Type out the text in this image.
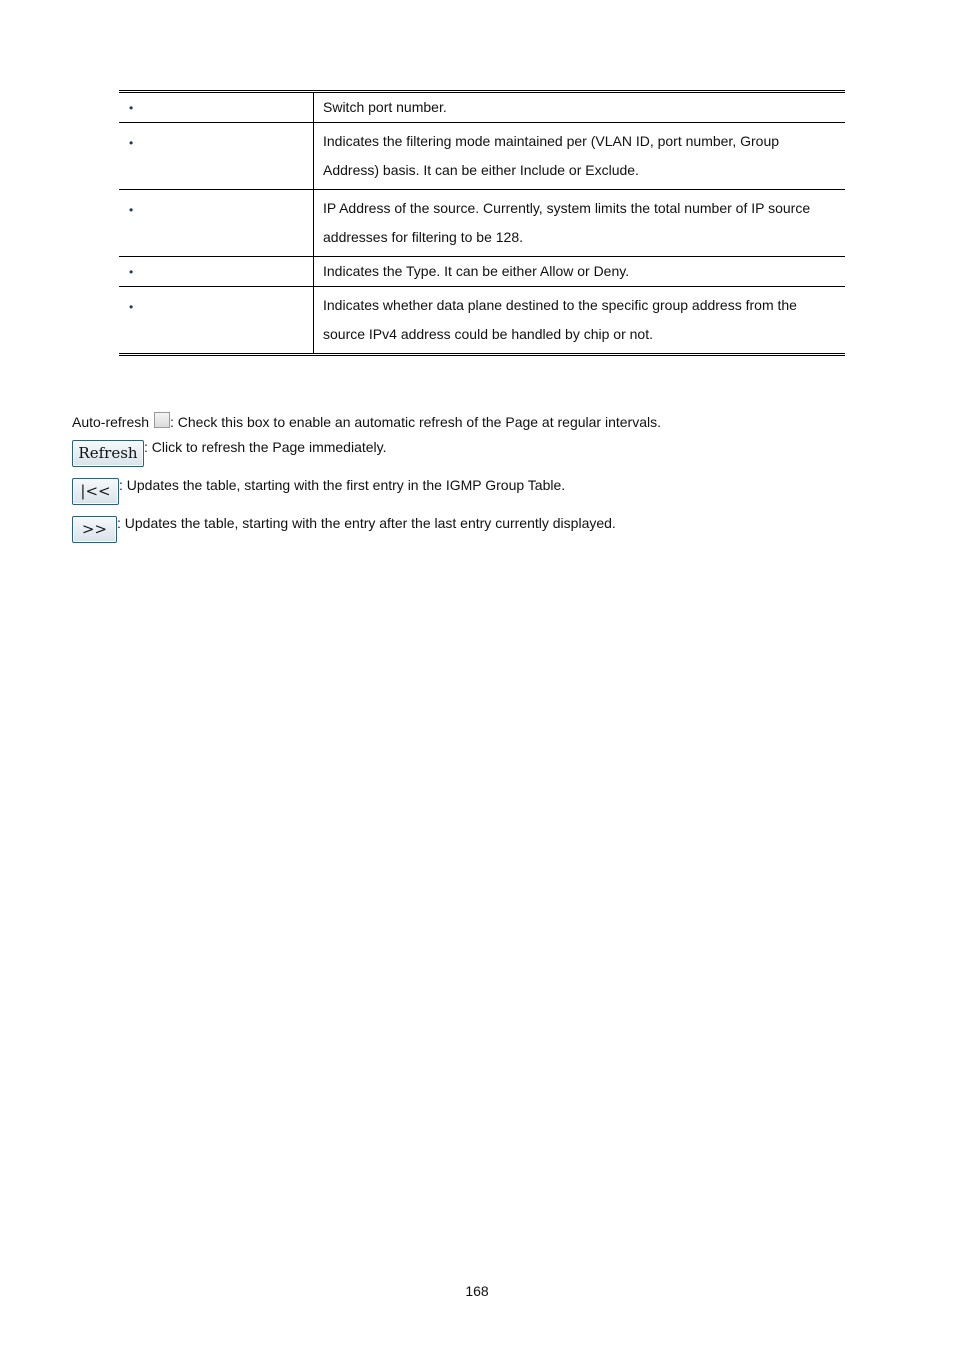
•	Switch port number.
•	Indicates the filtering mode maintained per (VLAN ID, port number, Group Address) basis. It can be either Include or Exclude.
•	IP Address of the source. Currently, system limits the total number of IP source addresses for filtering to be 128.
•	Indicates the Type. It can be either Allow or Deny.
•	Indicates whether data plane destined to the specific group address from the source IPv4 address could be handled by chip or not.
Auto-refresh : Check this box to enable an automatic refresh of the Page at regular intervals.
Refresh : Click to refresh the Page immediately.
|<< : Updates the table, starting with the first entry in the IGMP Group Table.
>> : Updates the table, starting with the entry after the last entry currently displayed.
168
